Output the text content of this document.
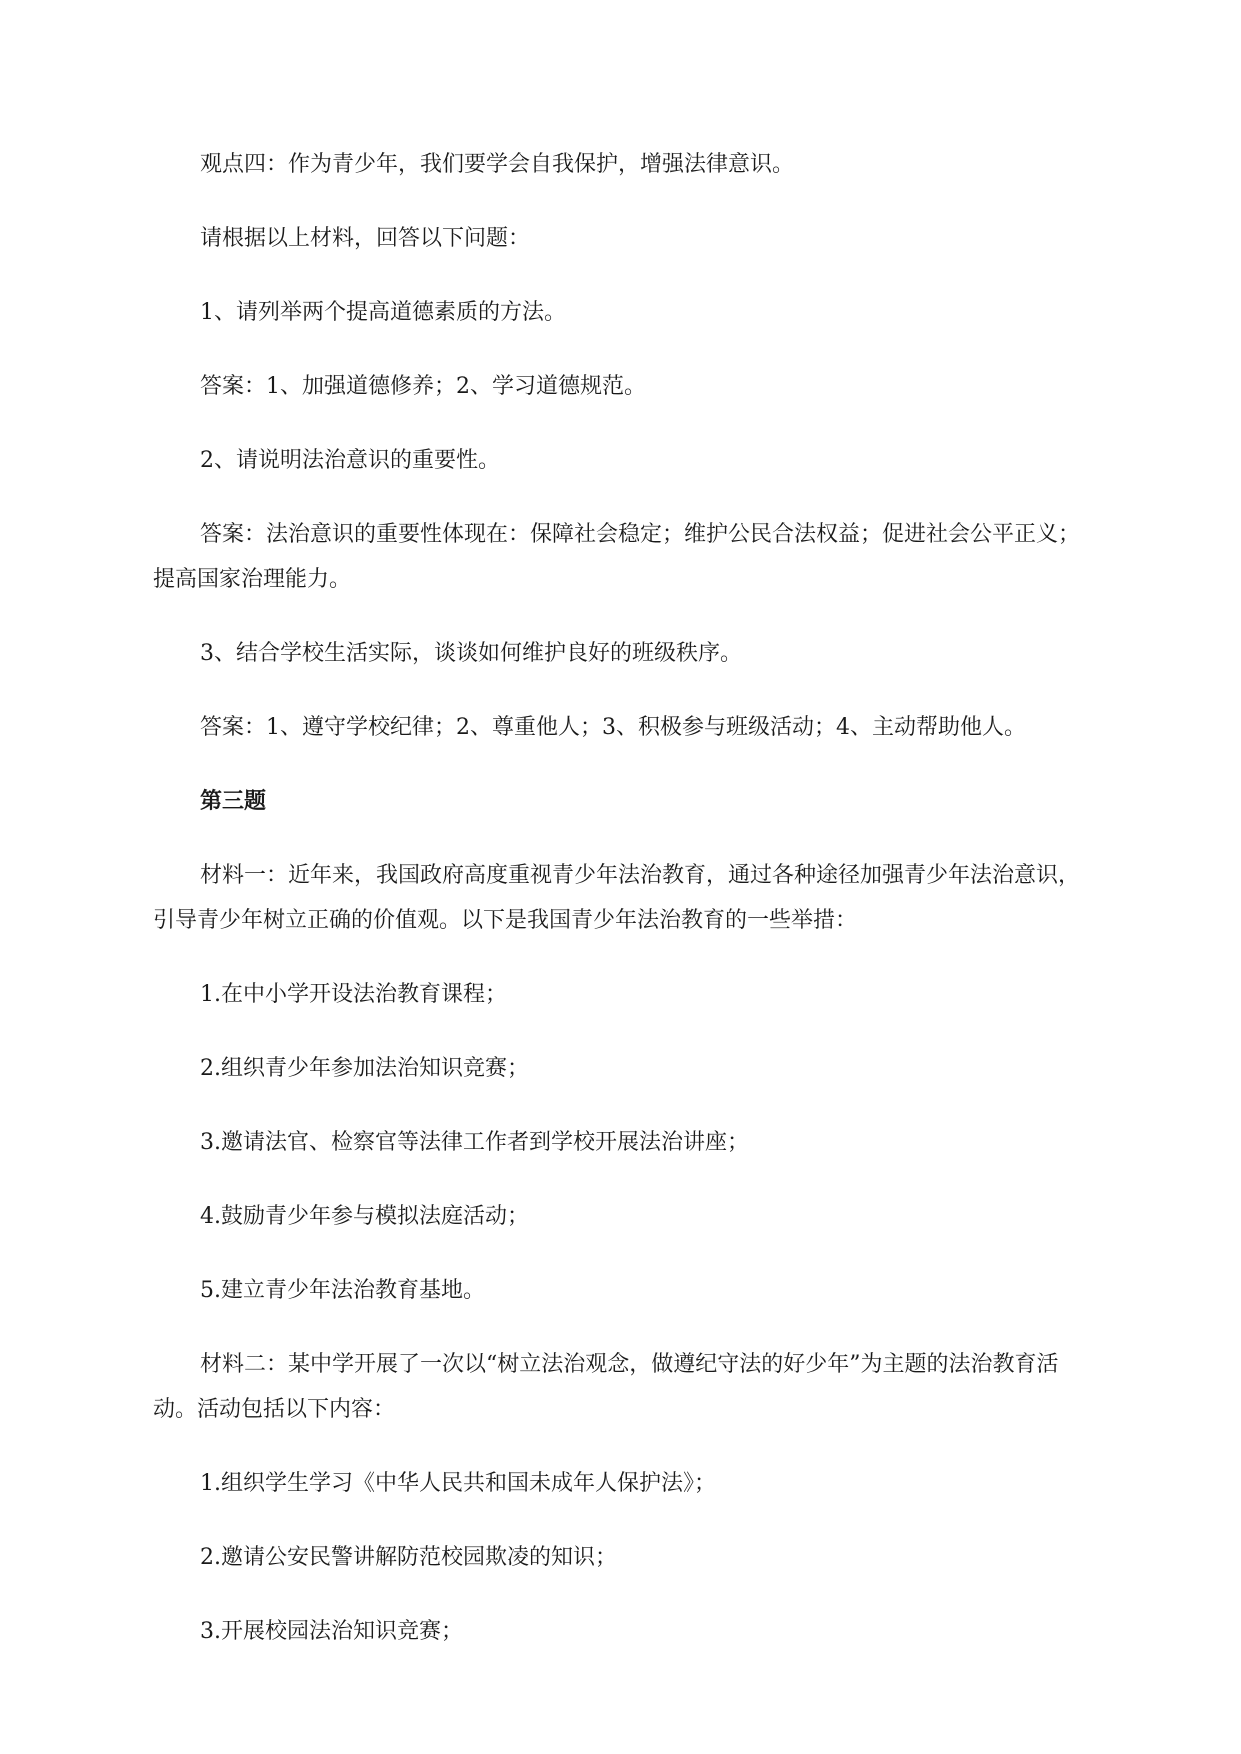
观点四：作为青少年，我们要学会自我保护，增强法律意识。

请根据以上材料，回答以下问题：

1、请列举两个提高道德素质的方法。

答案：1、加强道德修养；2、学习道德规范。

2、请说明法治意识的重要性。

答案：法治意识的重要性体现在：保障社会稳定；维护公民合法权益；促进社会公平正义；提高国家治理能力。

3、结合学校生活实际，谈谈如何维护良好的班级秩序。

答案：1、遵守学校纪律；2、尊重他人；3、积极参与班级活动；4、主动帮助他人。

第三题

材料一：近年来，我国政府高度重视青少年法治教育，通过各种途径加强青少年法治意识，引导青少年树立正确的价值观。以下是我国青少年法治教育的一些举措：

1.在中小学开设法治教育课程；

2.组织青少年参加法治知识竞赛；

3.邀请法官、检察官等法律工作者到学校开展法治讲座；

4.鼓励青少年参与模拟法庭活动；

5.建立青少年法治教育基地。

材料二：某中学开展了一次以“树立法治观念，做遵纪守法的好少年”为主题的法治教育活动。活动包括以下内容：

1.组织学生学习《中华人民共和国未成年人保护法》；

2.邀请公安民警讲解防范校园欺凌的知识；

3.开展校园法治知识竞赛；
